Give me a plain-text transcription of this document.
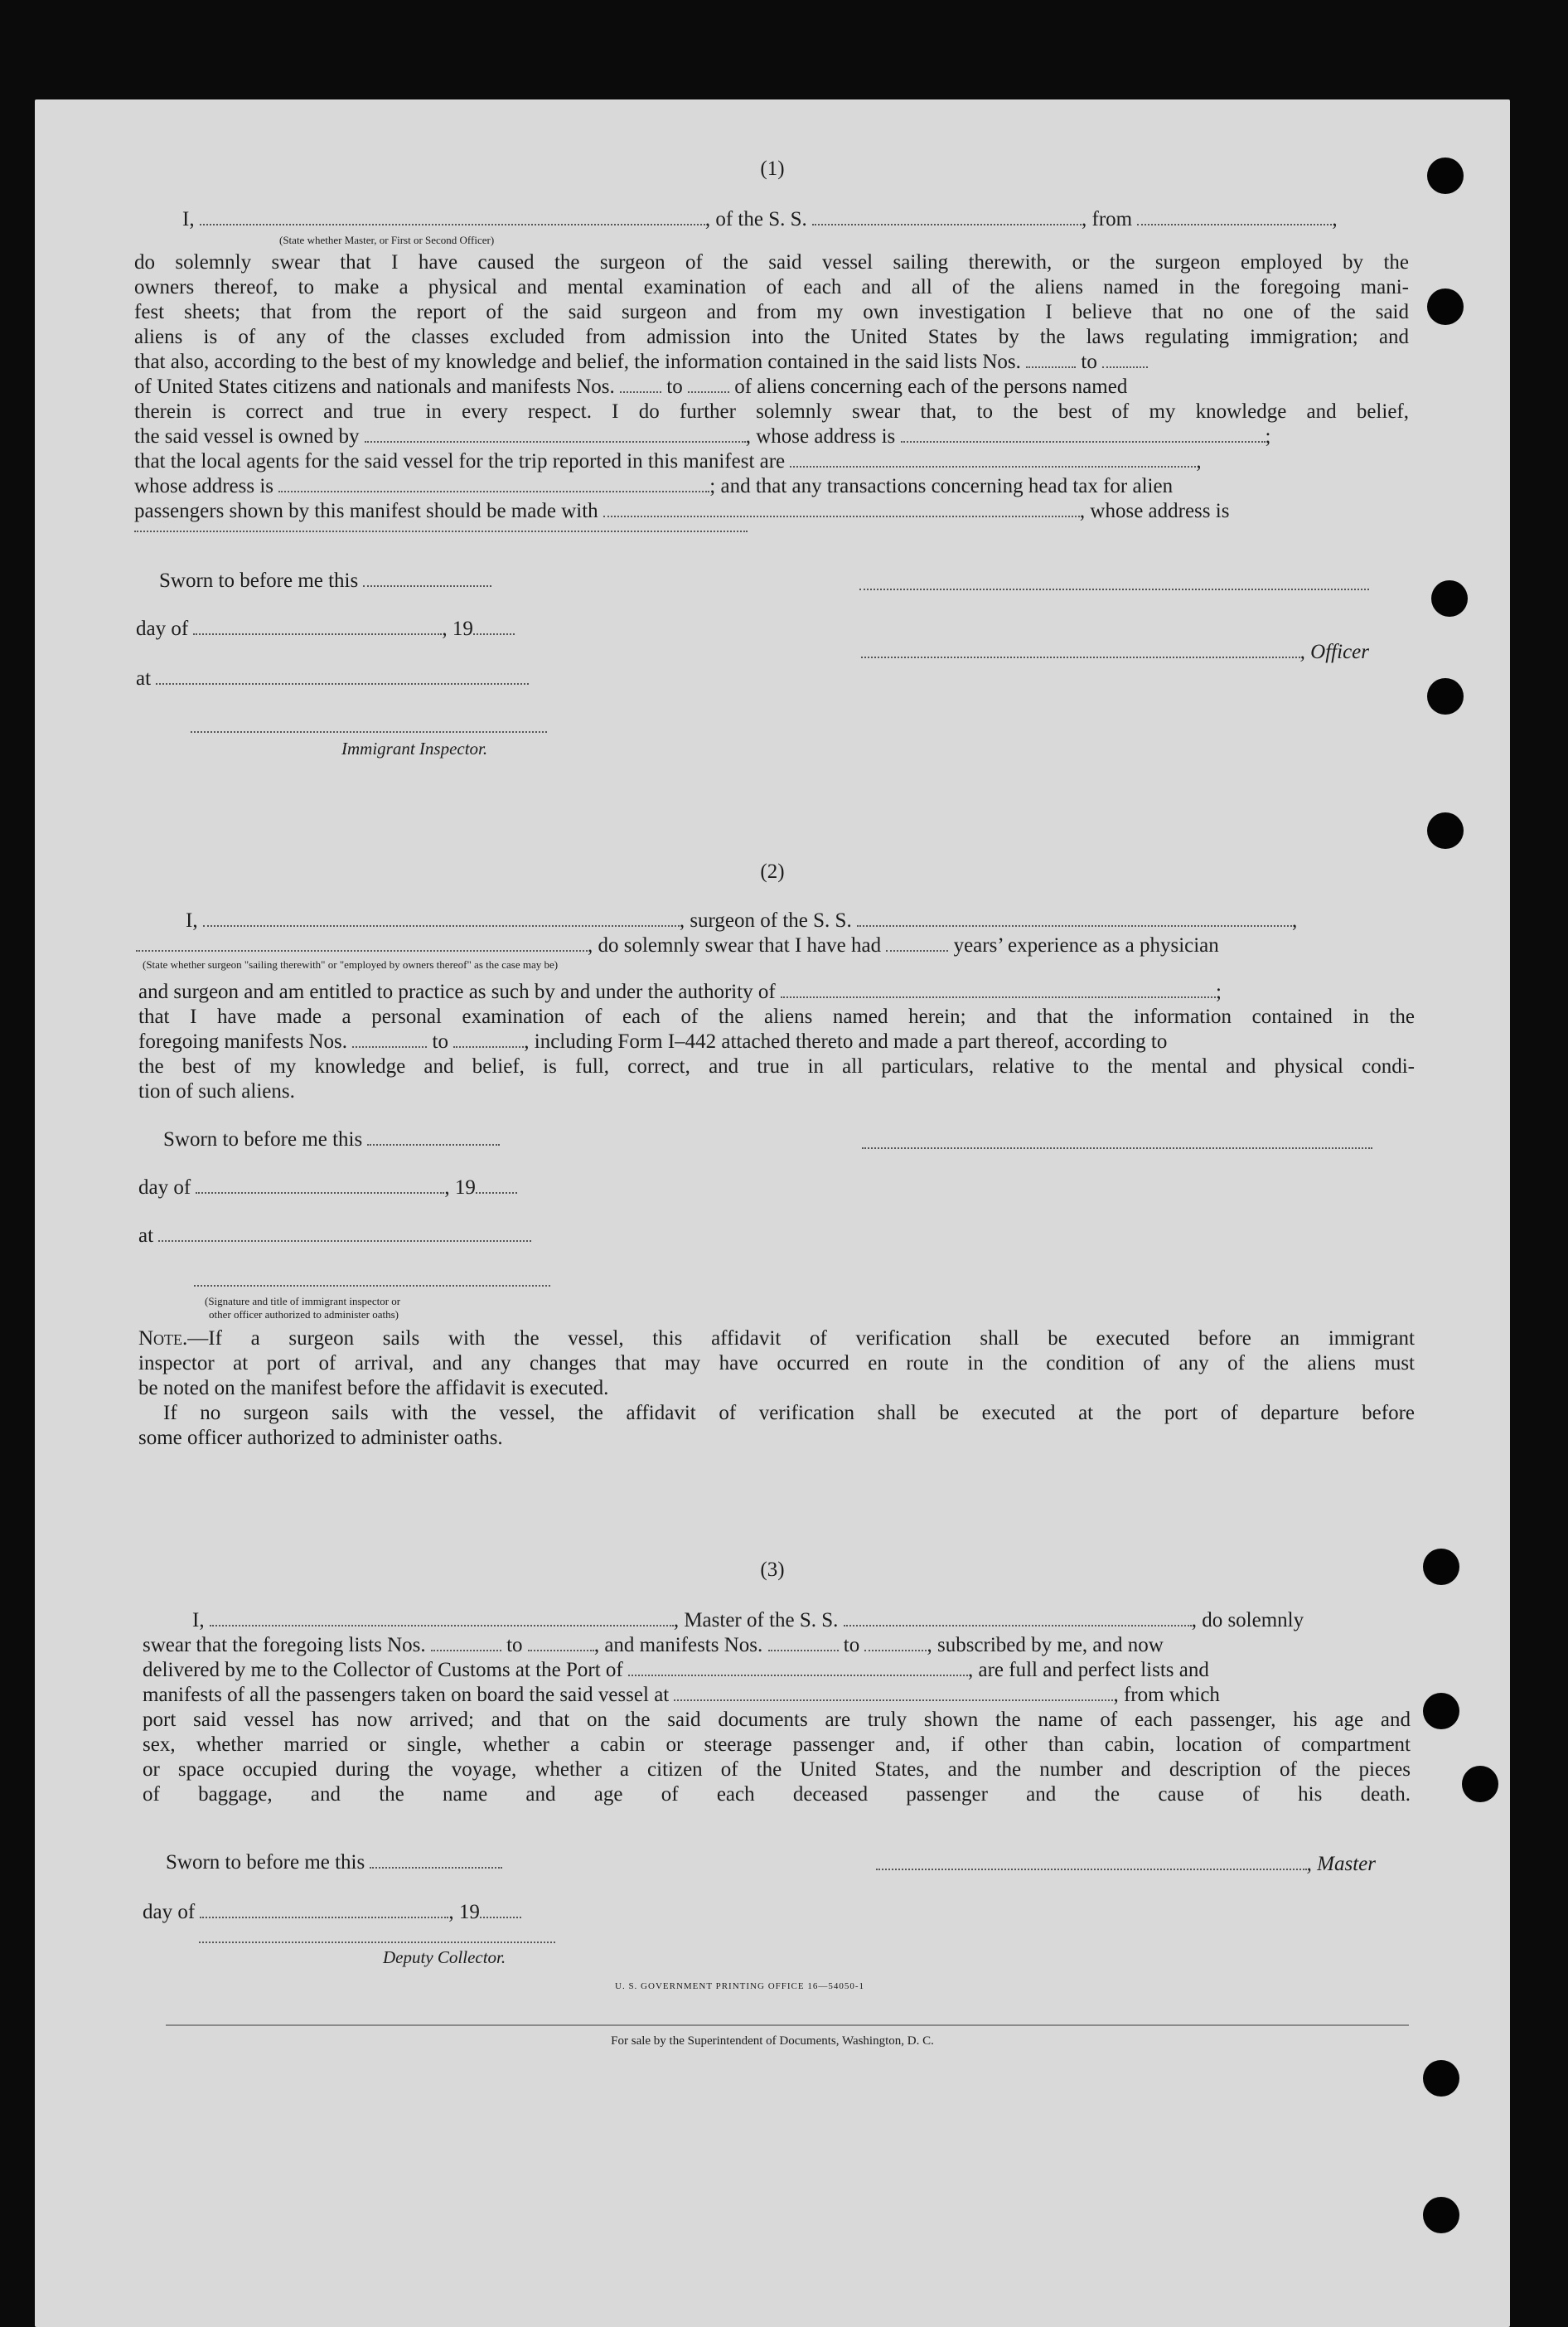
(1)
I,	, of the S. S.	, from	,
(State whether Master, or First or Second Officer)
do solemnly swear that I have caused the surgeon of the said vessel sailing therewith, or the surgeon employed by the
owners thereof, to make a physical and mental examination of each and all of the aliens named in the foregoing mani-
fest sheets; that from the report of the said surgeon and from my own investigation I believe that no one of the said
aliens is of any of the classes excluded from admission into the United States by the laws regulating immigration; and
that also, according to the best of my knowledge and belief, the information contained in the said lists Nos.  to
of United States citizens and nationals and manifests Nos.  to  of aliens concerning each of the persons named
therein is correct and true in every respect. I do further solemnly swear that, to the best of my knowledge and belief,
the said vessel is owned by	, whose address is	;
that the local agents for the said vessel for the trip reported in this manifest are	,
whose address is	; and that any transactions concerning head tax for alien
passengers shown by this manifest should be made with	, whose address is
Sworn to before me this
day of	, 19
, Officer
at
Immigrant Inspector.
(2)
I,	, surgeon of the S. S.	,
, do solemnly swear that I have had	years’ experience as a physician
(State whether surgeon "sailing therewith" or "employed by owners thereof" as the case may be)
and surgeon and am entitled to practice as such by and under the authority of	;
that I have made a personal examination of each of the aliens named herein; and that the information contained in the
foregoing manifests Nos.	to	, including Form I–442 attached thereto and made a part thereof, according to
the best of my knowledge and belief, is full, correct, and true in all particulars, relative to the mental and physical condi-
tion of such aliens.
Sworn to before me this
day of	, 19
at
(Signature and title of immigrant inspector or
other officer authorized to administer oaths)
Note.—If a surgeon sails with the vessel, this affidavit of verification shall be executed before an immigrant
inspector at port of arrival, and any changes that may have occurred en route in the condition of any of the aliens must
be noted on the manifest before the affidavit is executed.
If no surgeon sails with the vessel, the affidavit of verification shall be executed at the port of departure before
some officer authorized to administer oaths.
(3)
I,	, Master of the S. S.	, do solemnly
swear that the foregoing lists Nos.	to	, and manifests Nos.	to	, subscribed by me, and now
delivered by me to the Collector of Customs at the Port of	, are full and perfect lists and
manifests of all the passengers taken on board the said vessel at	, from which
port said vessel has now arrived; and that on the said documents are truly shown the name of each passenger, his age and
sex, whether married or single, whether a cabin or steerage passenger and, if other than cabin, location of compartment
or space occupied during the voyage, whether a citizen of the United States, and the number and description of the pieces
of baggage, and the name and age of each deceased passenger and the cause of his death.
Sworn to before me this	, Master
day of	, 19
Deputy Collector.
U. S. GOVERNMENT PRINTING OFFICE 16—54050-1
For sale by the Superintendent of Documents, Washington, D. C.
